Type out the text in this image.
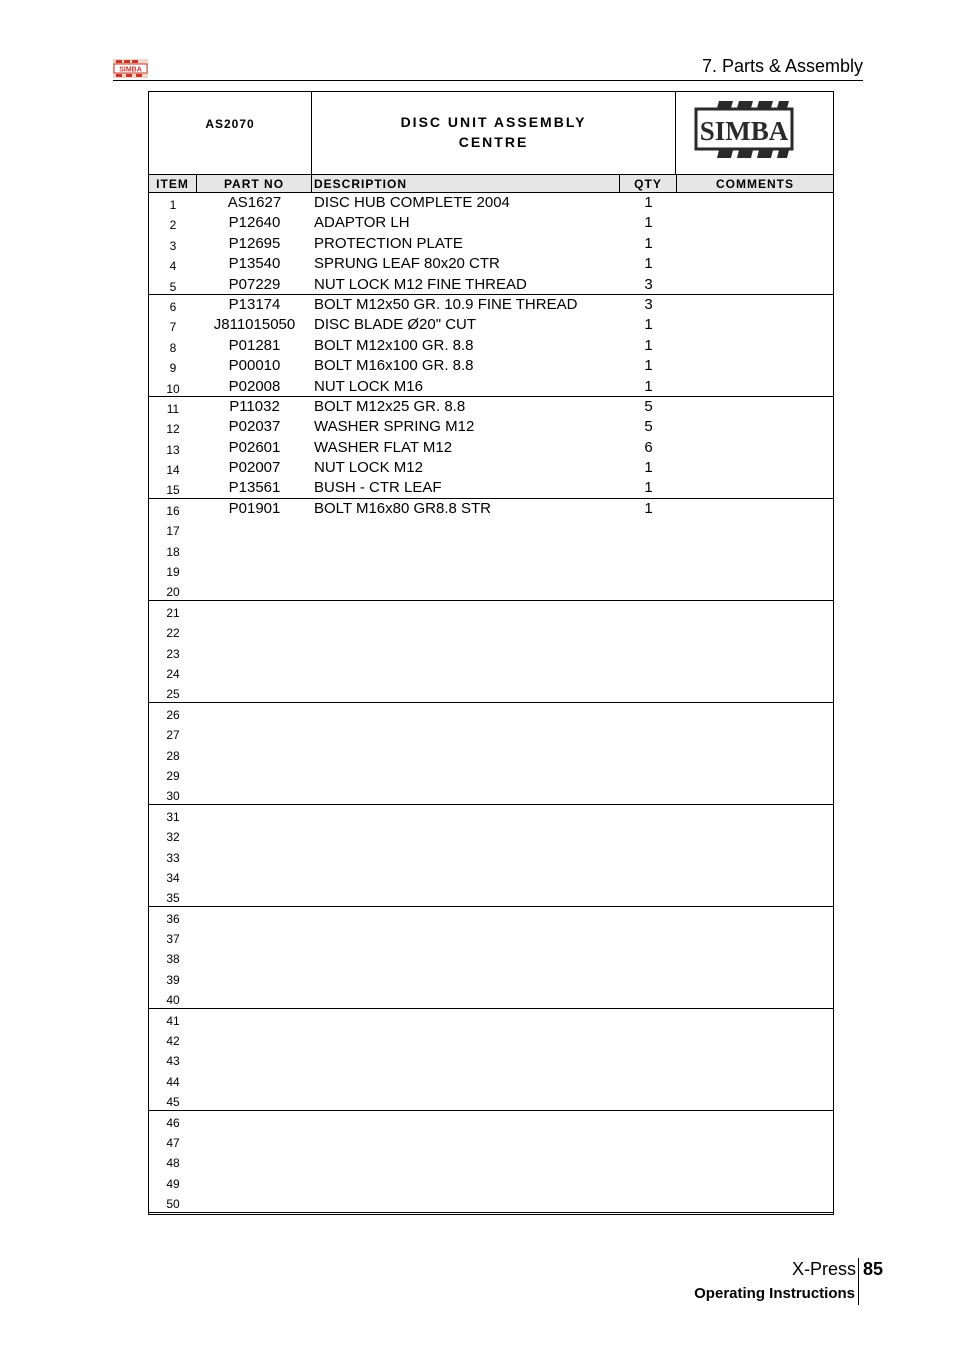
SIMBA	7. Parts & Assembly
AS2070	DISC UNIT ASSEMBLY
CENTRE	SIMBA
ITEM	PART NO	DESCRIPTION	QTY	COMMENTS
1	AS1627	DISC HUB COMPLETE 2004	1
2	P12640	ADAPTOR LH	1
3	P12695	PROTECTION PLATE	1
4	P13540	SPRUNG LEAF 80x20 CTR	1
5	P07229	NUT LOCK M12 FINE THREAD	3
6	P13174	BOLT M12x50 GR. 10.9 FINE THREAD	3
7	J811015050	DISC BLADE Ø20" CUT	1
8	P01281	BOLT M12x100 GR. 8.8	1
9	P00010	BOLT M16x100 GR. 8.8	1
10	P02008	NUT LOCK M16	1
11	P11032	BOLT M12x25 GR. 8.8	5
12	P02037	WASHER SPRING M12	5
13	P02601	WASHER FLAT M12	6
14	P02007	NUT LOCK M12	1
15	P13561	BUSH - CTR LEAF	1
16	P01901	BOLT M16x80 GR8.8 STR	1
17
18
19
20
21
22
23
24
25
26
27
28
29
30
31
32
33
34
35
36
37
38
39
40
41
42
43
44
45
46
47
48
49
50
X-Press 85
Operating Instructions
